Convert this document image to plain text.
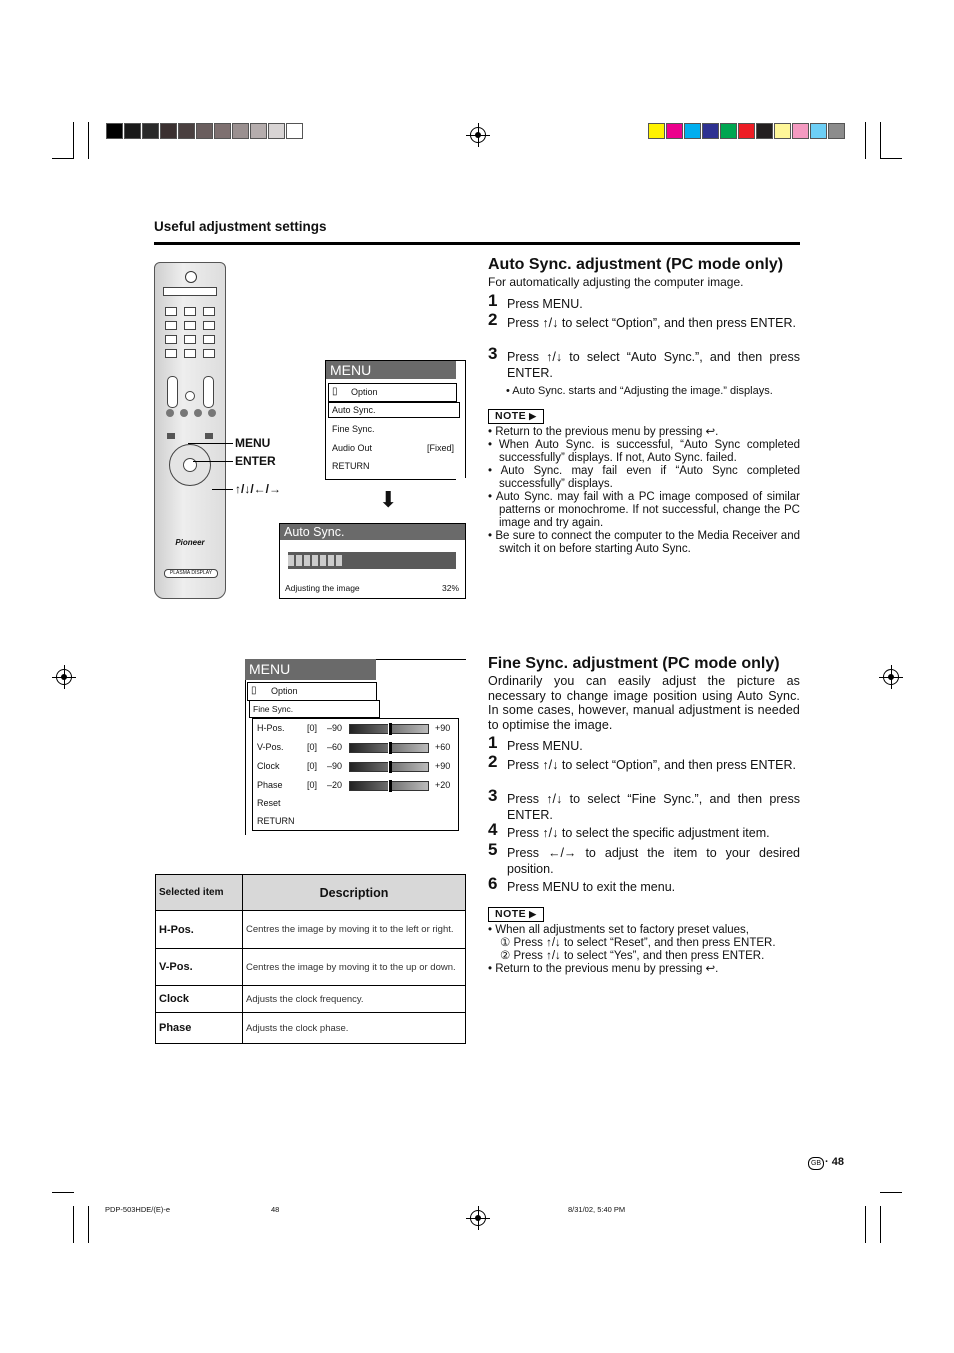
Useful adjustment settings
Pioneer
PLASMA DISPLAY
MENU
ENTER
↑/↓/←/→
MENU
▯ Option
Auto Sync.
Fine Sync.
Audio Out	[Fixed]
RETURN
⬇
Auto Sync.
Adjusting the image	32%
Auto Sync. adjustment (PC mode only)
For automatically adjusting the computer image.
1 Press MENU.
2 Press ↑/↓ to select “Option”, and then press ENTER.
3 Press ↑/↓ to select “Auto Sync.”, and then press ENTER.
• Auto Sync. starts and “Adjusting the image.” displays.
NOTE ▶

• Return to the previous menu by pressing ↩.

• When Auto Sync. is successful, “Auto Sync completed successfully” displays. If not, Auto Sync. failed.

• Auto Sync. may fail even if “Auto Sync completed successfully” displays.

• Auto Sync. may fail with a PC image composed of similar patterns or monochrome. If not successful, change the PC image and try again.

• Be sure to connect the computer to the Media Receiver and switch it on before starting Auto Sync.

MENU
▯ Option
Fine Sync.
H-Pos. [0] –90	+90
V-Pos.	[0] –60	+60
Clock	[0] –90	+90
Phase	[0] –20	+20
Reset
RETURN
Selected item	Description
H-Pos.	Centres the image by moving it to the left or right.
V-Pos.	Centres the image by moving it to the up or down.
Clock	Adjusts the clock frequency.
Phase	Adjusts the clock phase.
Fine Sync. adjustment (PC mode only)
Ordinarily you can easily adjust the picture as necessary to change image position using Auto Sync. In some cases, however, manual adjustment is needed to optimise the image.
1 Press MENU.
2 Press ↑/↓ to select “Option”, and then press ENTER.
3 Press ↑/↓ to select “Fine Sync.”, and then press ENTER.
4 Press ↑/↓ to select the specific adjustment item.
5 Press ←/→ to adjust the item to your desired position.
6 Press MENU to exit the menu.
NOTE ▶

• When all adjustments set to factory preset values,

① Press ↑/↓ to select “Reset”, and then press ENTER.

② Press ↑/↓ to select “Yes”, and then press ENTER.

• Return to the previous menu by pressing ↩.

GB · 48
PDP-503HDE/(E)-e	48	8/31/02, 5:40 PM
